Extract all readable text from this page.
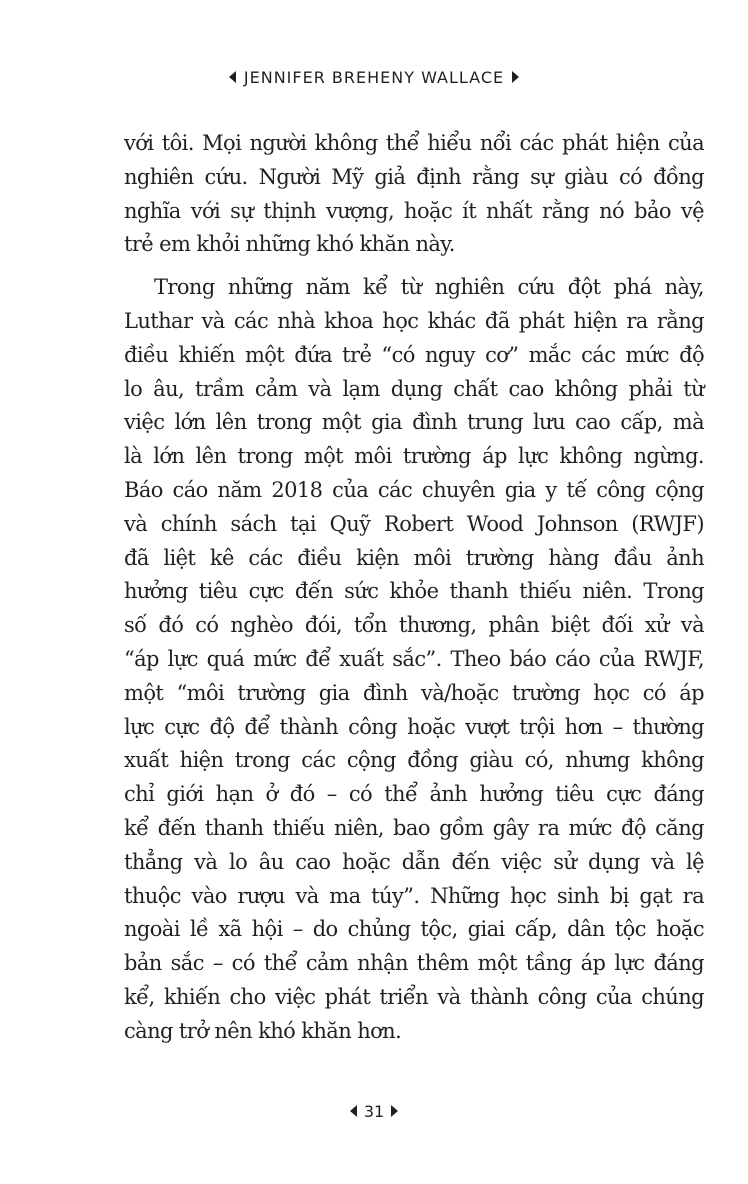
JENNIFER BREHENY WALLACE

với tôi. Mọi người không thể hiểu nổi các phát hiện của
nghiên cứu. Người Mỹ giả định rằng sự giàu có đồng
nghĩa với sự thịnh vượng, hoặc ít nhất rằng nó bảo vệ
trẻ em khỏi những khó khăn này.

Trong những năm kể từ nghiên cứu đột phá này,
Luthar và các nhà khoa học khác đã phát hiện ra rằng
điều khiến một đứa trẻ “có nguy cơ” mắc các mức độ
lo âu, trầm cảm và lạm dụng chất cao không phải từ
việc lớn lên trong một gia đình trung lưu cao cấp, mà
là lớn lên trong một môi trường áp lực không ngừng.
Báo cáo năm 2018 của các chuyên gia y tế công cộng
và chính sách tại Quỹ Robert Wood Johnson (RWJF)
đã liệt kê các điều kiện môi trường hàng đầu ảnh
hưởng tiêu cực đến sức khỏe thanh thiếu niên. Trong
số đó có nghèo đói, tổn thương, phân biệt đối xử và
“áp lực quá mức để xuất sắc”. Theo báo cáo của RWJF,
một “môi trường gia đình và/hoặc trường học có áp
lực cực độ để thành công hoặc vượt trội hơn – thường
xuất hiện trong các cộng đồng giàu có, nhưng không
chỉ giới hạn ở đó – có thể ảnh hưởng tiêu cực đáng
kể đến thanh thiếu niên, bao gồm gây ra mức độ căng
thẳng và lo âu cao hoặc dẫn đến việc sử dụng và lệ
thuộc vào rượu và ma túy”. Những học sinh bị gạt ra
ngoài lề xã hội – do chủng tộc, giai cấp, dân tộc hoặc
bản sắc – có thể cảm nhận thêm một tầng áp lực đáng
kể, khiến cho việc phát triển và thành công của chúng
càng trở nên khó khăn hơn.

31
